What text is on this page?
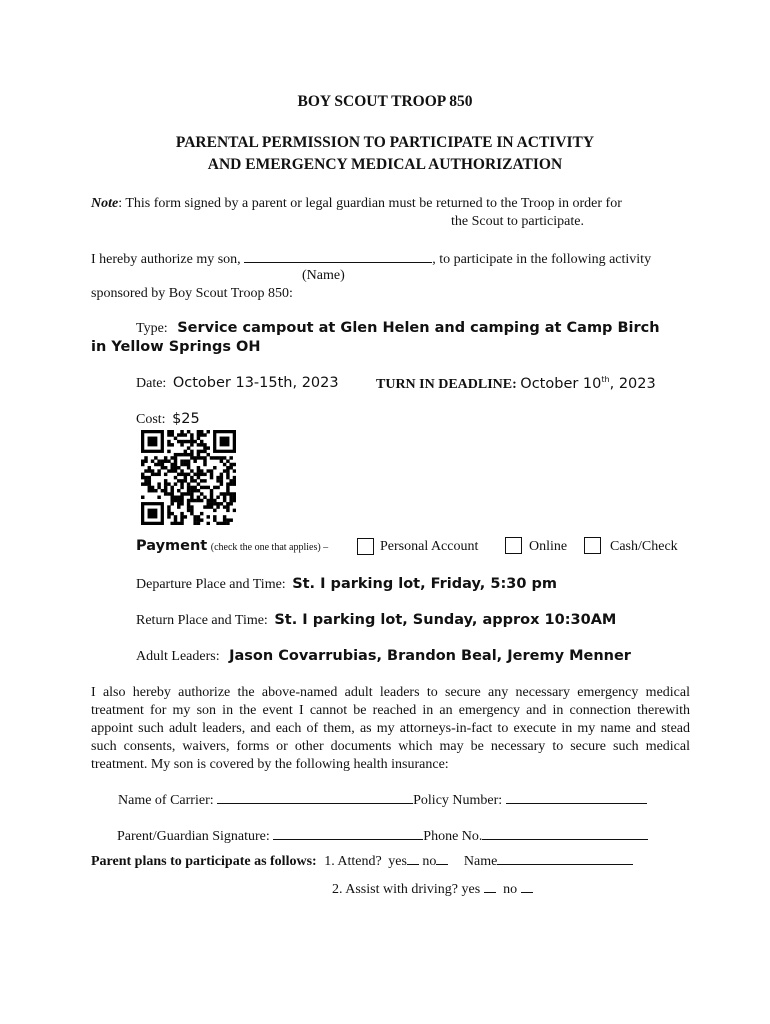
BOY SCOUT TROOP 850
PARENTAL PERMISSION TO PARTICIPATE IN ACTIVITY
AND EMERGENCY MEDICAL AUTHORIZATION
Note: This form signed by a parent or legal guardian must be returned to the Troop in order for
the Scout to participate.
I hereby authorize my son,	, to participate in the following activity
(Name)
sponsored by Boy Scout Troop 850:
Type: Service campout at Glen Helen and camping at Camp Birch
in Yellow Springs OH
Date: October 13-15th, 2023	TURN IN DEADLINE: October 10th, 2023
Cost: $25
Payment (check the one that applies) –	Personal Account	Online	Cash/Check
Departure Place and Time: St. I parking lot, Friday, 5:30 pm
Return Place and Time: St. I parking lot, Sunday, approx 10:30AM
Adult Leaders: Jason Covarrubias, Brandon Beal, Jeremy Menner
I also hereby authorize the above-named adult leaders to secure any necessary emergency medical treatment for my son in the event I cannot be reached in an emergency and in connection therewith appoint such adult leaders, and each of them, as my attorneys-in-fact to execute in my name and stead such consents, waivers, forms or other documents which may be necessary to secure such medical treatment. My son is covered by the following health insurance:
Name of Carrier:	Policy Number:
Parent/Guardian Signature:	Phone No.
Parent plans to participate as follows: 1. Attend? yes no Name
2. Assist with driving? yes no
